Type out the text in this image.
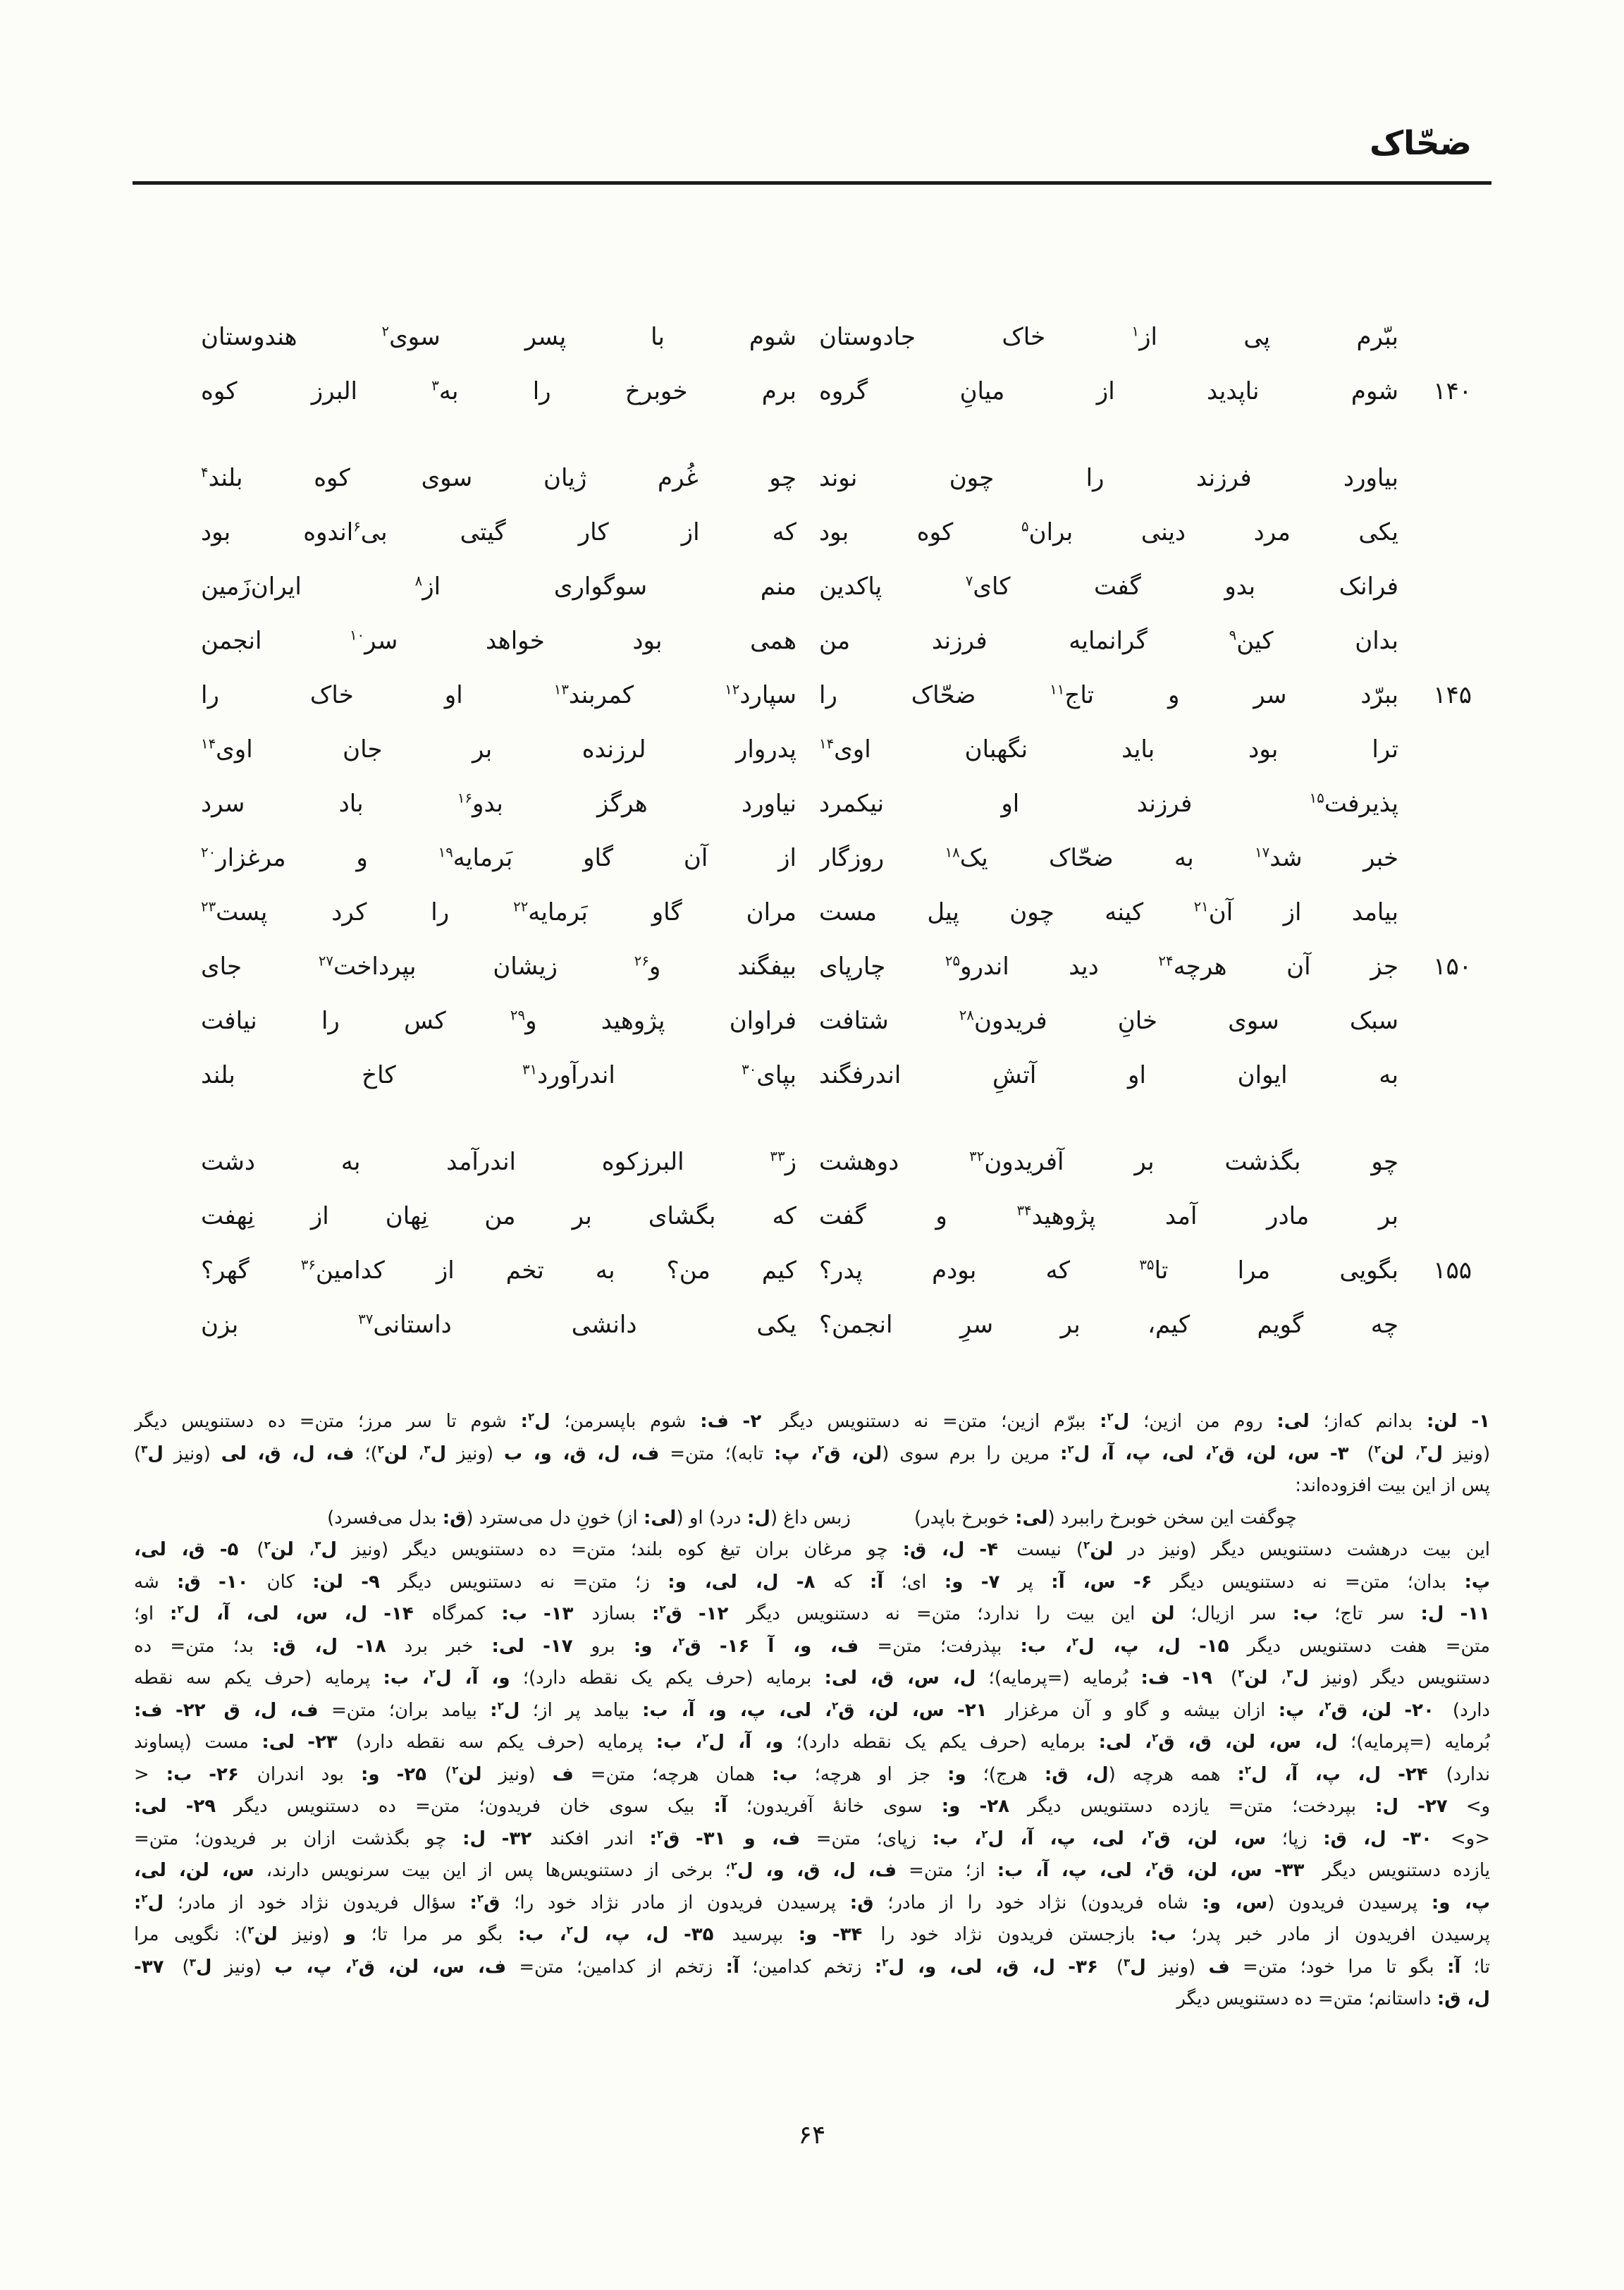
ضحّاک
ببّرم پی از$^۱$ خاک جادوستان
شوم با پسر سوی$^۲$ هندوستان
۱۴۰
شوم ناپدید از میانِ گروه
برم خوبرخ را به$^۳$ البرز کوه
بیاورد فرزند را چون نوند
چو غُرم ژیان سوی کوه بلند$^۴$
یکی مرد دینی بران$^۵$ کوه بود
که از کار گیتی بی$^۶$اندوه بود
فرانک بدو گفت کای$^۷$ پاکدین
منم سوگواری از$^۸$ ایران‌زَمین
بدان کین$^۹$ گرانمایه فرزند من
همی بود خواهد سر$^{۱۰}$ انجمن
۱۴۵
ببرّد سر و تاج$^{۱۱}$ ضحّاک را
سپارد$^{۱۲}$ کمربند$^{۱۳}$ او خاک را
ترا بود باید نگهبان اوی$^{۱۴}$
پدروار لرزنده بر جان اوی$^{۱۴}$
پذیرفت$^{۱۵}$ فرزند او نیکمرد
نیاورد هرگز بدو$^{۱۶}$ باد سرد
خبر شد$^{۱۷}$ به ضحّاک یک$^{۱۸}$ روزگار
از آن گاو بَرمایه$^{۱۹}$ و مرغزار$^{۲۰}$
بیامد از آن$^{۲۱}$ کینه چون پیل مست
مران گاو بَرمایه$^{۲۲}$ را کرد پست$^{۲۳}$
۱۵۰
جز آن هرچه$^{۲۴}$ دید اندرو$^{۲۵}$ چارپای
بیفگند و$^{۲۶}$ زیشان بپرداخت$^{۲۷}$ جای
سبک سوی خانِ فریدون$^{۲۸}$ شتافت
فراوان پژوهید و$^{۲۹}$ کس را نیافت
به ایوان او آتشِ اندرفگند
بپای$^{۳۰}$ اندرآورد$^{۳۱}$ کاخ بلند
چو بگذشت بر آفریدون$^{۳۲}$ دوهشت
ز$^{۳۳}$ البرزکوه اندرآمد به دشت
بر مادر آمد پژوهید$^{۳۴}$ و گفت
که بگشای بر من نِهان از نِهفت
۱۵۵
بگویی مرا تا$^{۳۵}$ که بودم پدر؟
کیم من؟ به تخم از کدامین$^{۳۶}$ گهر؟
چه گویم کیم، بر سرِ انجمن؟
یکی دانشی داستانی$^{۳۷}$ بزن
۱- لن: بدانم که‌از؛ لی: روم من ازین؛ ل$^۲$: ببرّم ازین؛ متن= نه دستنویس دیگر ۲- ف: شوم باپسرمن؛ ل$^۲$: شوم تا سر مرز؛ متن= ده دستنویس دیگر
(ونیز ل$^۳$، لن$^۲$) ۳- س، لن، ق$^۲$، لی، پ، آ، ل$^۲$: مرین را برم سوی (لن، ق$^۲$، پ: تابه)؛ متن= ف، ل، ق، و، ب (ونیز ل$^۳$، لن$^۲$)؛ ف، ل، ق، لی (ونیز ل$^۳$)
پس از این بیت افزوده‌اند:
چوگفت این سخن خوبرخ راببرد (لی: خوبرخ باپدر)زبس داغ (ل: درد) او (لی: از) خونِ دل می‌سترد (ق: بدل می‌فسرد)
این بیت درهشت دستنویس دیگر (ونیز در لن$^۲$) نیست ۴- ل، ق: چو مرغان بران تیغ کوه بلند؛ متن= ده دستنویس دیگر (ونیز ل$^۳$، لن$^۲$) ۵- ق، لی،
پ: بدان؛ متن= نه دستنویس دیگر ۶- س، آ: پر ۷- و: ای؛ آ: که ۸- ل، لی، و: ز؛ متن= نه دستنویس دیگر ۹- لن: کان ۱۰- ق: شه
۱۱- ل: سر تاج؛ ب: سر ازیال؛ لن این بیت را ندارد؛ متن= نه دستنویس دیگر ۱۲- ق$^۲$: بسازد ۱۳- ب: کمرگاه ۱۴- ل، س، لی، آ، ل$^۲$: او؛
متن= هفت دستنویس دیگر ۱۵- ل، پ، ل$^۲$، ب: بپذرفت؛ متن= ف، و، آ ۱۶- ق$^۲$، و: برو ۱۷- لی: خبر برد ۱۸- ل، ق: بد؛ متن= ده
دستنویس دیگر (ونیز ل$^۳$، لن$^۲$) ۱۹- ف: بُرمایه (=پرمایه)؛ ل، س، ق، لی: برمایه (حرف یکم یک نقطه دارد)؛ و، آ، ل$^۲$، ب: پرمایه (حرف یکم سه نقطه
دارد) ۲۰- لن، ق$^۲$، پ: ازان بیشه و گاو و آن مرغزار ۲۱- س، لن، ق$^۲$، لی، پ، و، آ، ب: بیامد پر از؛ ل$^۲$: بیامد بران؛ متن= ف، ل، ق ۲۲- ف:
بُرمایه (=پرمایه)؛ ل، س، لن، ق، ق$^۲$، لی: برمایه (حرف یکم یک نقطه دارد)؛ و، آ، ل$^۲$، ب: پرمایه (حرف یکم سه نقطه دارد) ۲۳- لی: مست (پساوند
ندارد) ۲۴- ل، پ، آ، ل$^۲$: همه هرچه (ل، ق: هرج)؛ و: جز او هرچه؛ ب: همان هرچه؛ متن= ف (ونیز لن$^۲$) ۲۵- و: بود اندران ۲۶- ب: <
و> ۲۷- ل: بپردخت؛ متن= یازده دستنویس دیگر ۲۸- و: سوی خانهٔ آفریدون؛ آ: بیک سوی خان فریدون؛ متن= ده دستنویس دیگر ۲۹- لی:
<و> ۳۰- ل، ق: زپا؛ س، لن، ق$^۲$، لی، پ، آ، ل$^۲$، ب: زپای؛ متن= ف، و ۳۱- ق$^۲$: اندر افکند ۳۲- ل: چو بگذشت ازان بر فریدون؛ متن=
یازده دستنویس دیگر ۳۳- س، لن، ق$^۲$، لی، پ، آ، ب: از؛ متن= ف، ل، ق، و، ل$^۲$؛ برخی از دستنویس‌ها پس از این بیت سرنویس دارند، س، لن، لی،
پ، و: پرسیدن فریدون (س، و: شاه فریدون) نژاد خود را از مادر؛ ق: پرسیدن فریدون از مادر نژاد خود را؛ ق$^۲$: سؤال فریدون نژاد خود از مادر؛ ل$^۲$:
پرسیدن افریدون از مادر خبر پدر؛ ب: بازجستن فریدون نژاد خود را ۳۴- و: بپرسید ۳۵- ل، پ، ل$^۲$، ب: بگو مر مرا تا؛ و (ونیز لن$^۲$): نگویی مرا
تا؛ آ: بگو تا مرا خود؛ متن= ف (ونیز ل$^۳$) ۳۶- ل، ق، لی، و، ل$^۲$: زتخم کدامین؛ آ: زتخم از کدامین؛ متن= ف، س، لن، ق$^۲$، پ، ب (ونیز ل$^۳$) ۳۷-
ل، ق: داستانم؛ متن= ده دستنویس دیگر
۶۴
